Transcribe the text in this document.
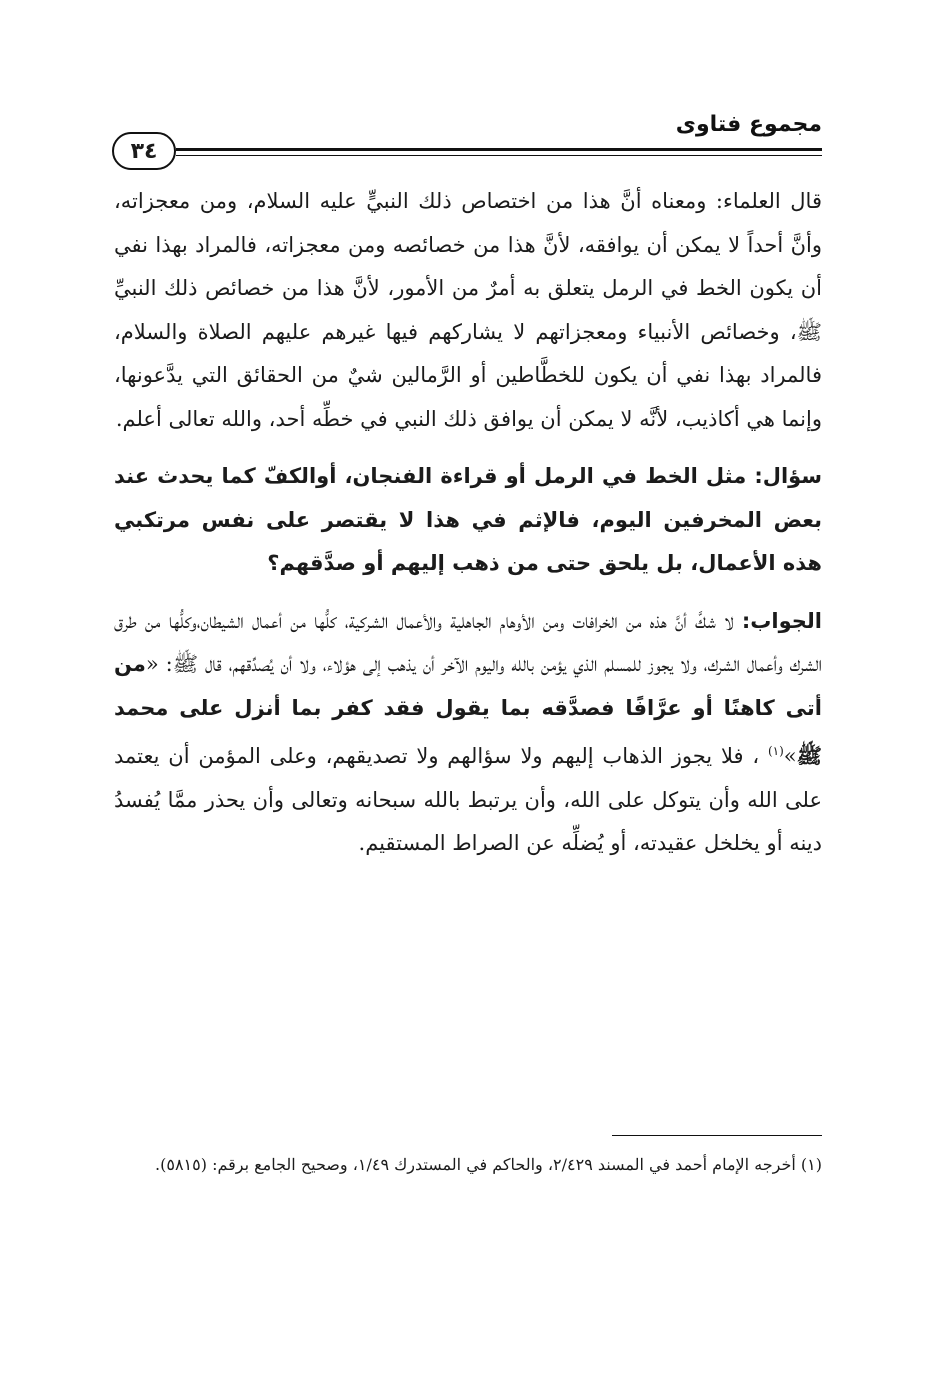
مجموع فتاوى
٣٤

قال العلماء: ومعناه أنَّ هذا من اختصاص ذلك النبيٍّ عليه السلام، ومن معجزاته، وأنَّ أحداً لا يمكن أن يوافقه، لأنَّ هذا من خصائصه ومن معجزاته، فالمراد بهذا نفي أن يكون الخط في الرمل يتعلق به أمرٌ من الأمور، لأنَّ هذا من خصائص ذلك النبيِّ ﷺ، وخصائص الأنبياء ومعجزاتهم لا يشاركهم فيها غيرهم عليهم الصلاة والسلام، فالمراد بهذا نفي أن يكون للخطَّاطين أو الرَّمالين شيٌ من الحقائق التي يدَّعونها، وإنما هي أكاذيب، لأنَّه لا يمكن أن يوافق ذلك النبي في خطِّه أحد، والله تعالى أعلم.

سؤال: مثل الخط في الرمل أو قراءة الفنجان، أوالكفّ كما يحدث عند بعض المخرفين اليوم، فالإثم في هذا لا يقتصر على نفس مرتكبي هذه الأعمال، بل يلحق حتى من ذهب إليهم أو صدَّقهم؟

الجواب: لا شكَّ أنَّ هذه من الخرافات ومن الأوهام الجاهلية والأعمال الشركية، كلُّها من أعمال الشيطان،وكلُّها من طرق الشرك وأعمال الشرك، ولا يجوز للمسلم الذي يؤمن بالله واليوم الآخر أن يذهب إلى هؤلاء، ولا أن يُصدِّقهم، قال ﷺ: «من أتى كاهنًا أو عرَّافًا فصدَّقه بما يقول فقد كفر بما أنزل على محمد ﷺ»$^{(١)}$ ، فلا يجوز الذهاب إليهم ولا سؤالهم ولا تصديقهم، وعلى المؤمن أن يعتمد على الله وأن يتوكل على الله، وأن يرتبط بالله سبحانه وتعالى وأن يحذر ممَّا يُفسدُ دينه أو يخلخل عقيدته، أو يُضلِّه عن الصراط المستقيم.

(١) أخرجه الإمام أحمد في المسند ٢/٤٢٩، والحاكم في المستدرك ١/٤٩، وصحيح الجامع برقم: (٥٨١٥).
